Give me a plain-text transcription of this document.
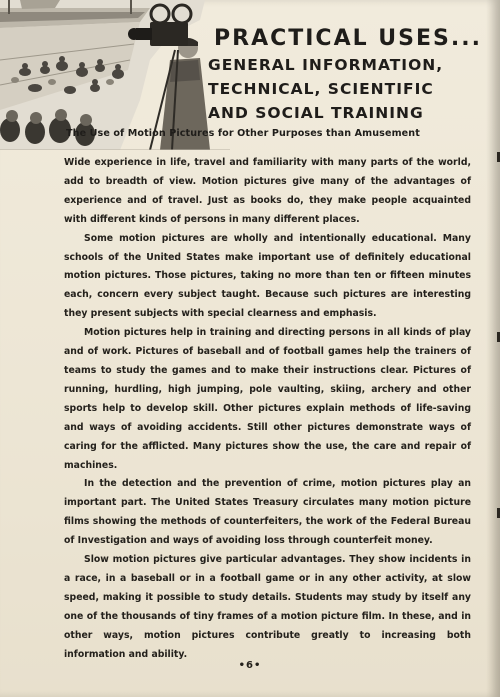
PRACTICAL USES...
GENERAL INFORMATION,
TECHNICAL, SCIENTIFIC
AND SOCIAL TRAINING
The Use of Motion Pictures for Other Purposes than Amusement

Wide experience in life, travel and familiarity with many parts of the world, add to breadth of view. Motion pictures give many of the advantages of experience and of travel. Just as books do, they make people acquainted with different kinds of persons in many different places.

Some motion pictures are wholly and intentionally educational. Many schools of the United States make important use of definitely educational motion pictures. Those pictures, taking no more than ten or fifteen minutes each, concern every subject taught. Because such pictures are interesting they present subjects with special clearness and emphasis.

Motion pictures help in training and directing persons in all kinds of play and of work. Pictures of baseball and of football games help the trainers of teams to study the games and to make their instructions clear. Pictures of running, hurdling, high jumping, pole vaulting, skiing, archery and other sports help to develop skill. Other pictures explain methods of life-saving and ways of avoiding accidents. Still other pictures demonstrate ways of caring for the afflicted. Many pictures show the use, the care and repair of machines.

In the detection and the prevention of crime, motion pictures play an important part. The United States Treasury circulates many motion picture films showing the methods of counterfeiters, the work of the Federal Bureau of Investigation and ways of avoiding loss through counterfeit money.

Slow motion pictures give particular advantages. They show incidents in a race, in a baseball or in a football game or in any other activity, at slow speed, making it possible to study details. Students may study by itself any one of the thousands of tiny frames of a motion picture film. In these, and in other ways, motion pictures contribute greatly to increasing both information and ability.

•6•
